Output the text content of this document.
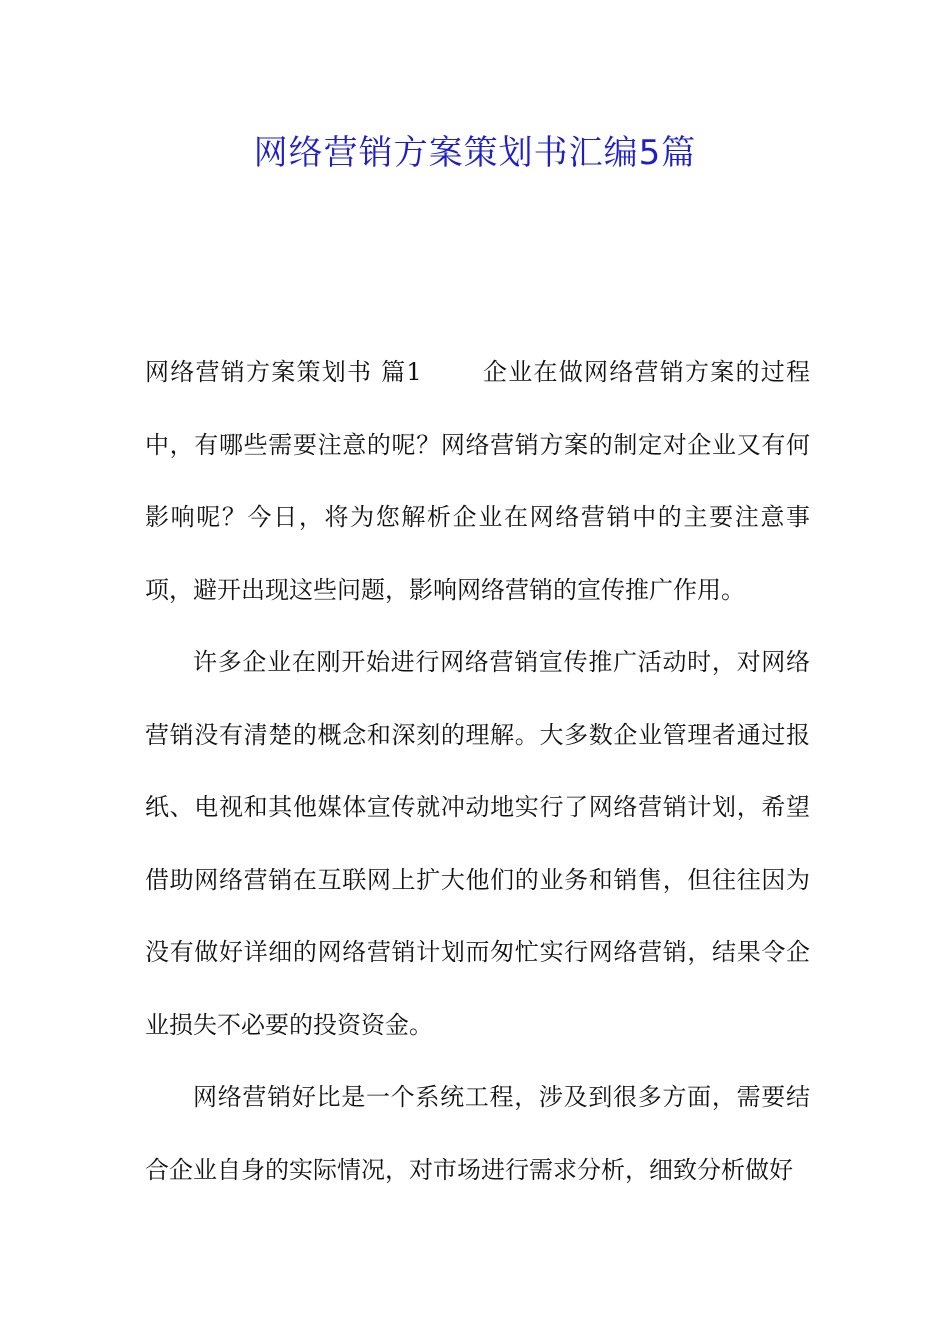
网络营销方案策划书汇编5篇

网络营销方案策划书 篇1	企业在做网络营销方案的过程中，有哪些需要注意的呢？网络营销方案的制定对企业又有何影响呢？今日，将为您解析企业在网络营销中的主要注意事项，避开出现这些问题，影响网络营销的宣传推广作用。

许多企业在刚开始进行网络营销宣传推广活动时，对网络营销没有清楚的概念和深刻的理解。大多数企业管理者通过报纸、电视和其他媒体宣传就冲动地实行了网络营销计划，希望借助网络营销在互联网上扩大他们的业务和销售，但往往因为没有做好详细的网络营销计划而匆忙实行网络营销，结果令企业损失不必要的投资资金。

网络营销好比是一个系统工程，涉及到很多方面，需要结合企业自身的实际情况，对市场进行需求分析，细致分析做好
